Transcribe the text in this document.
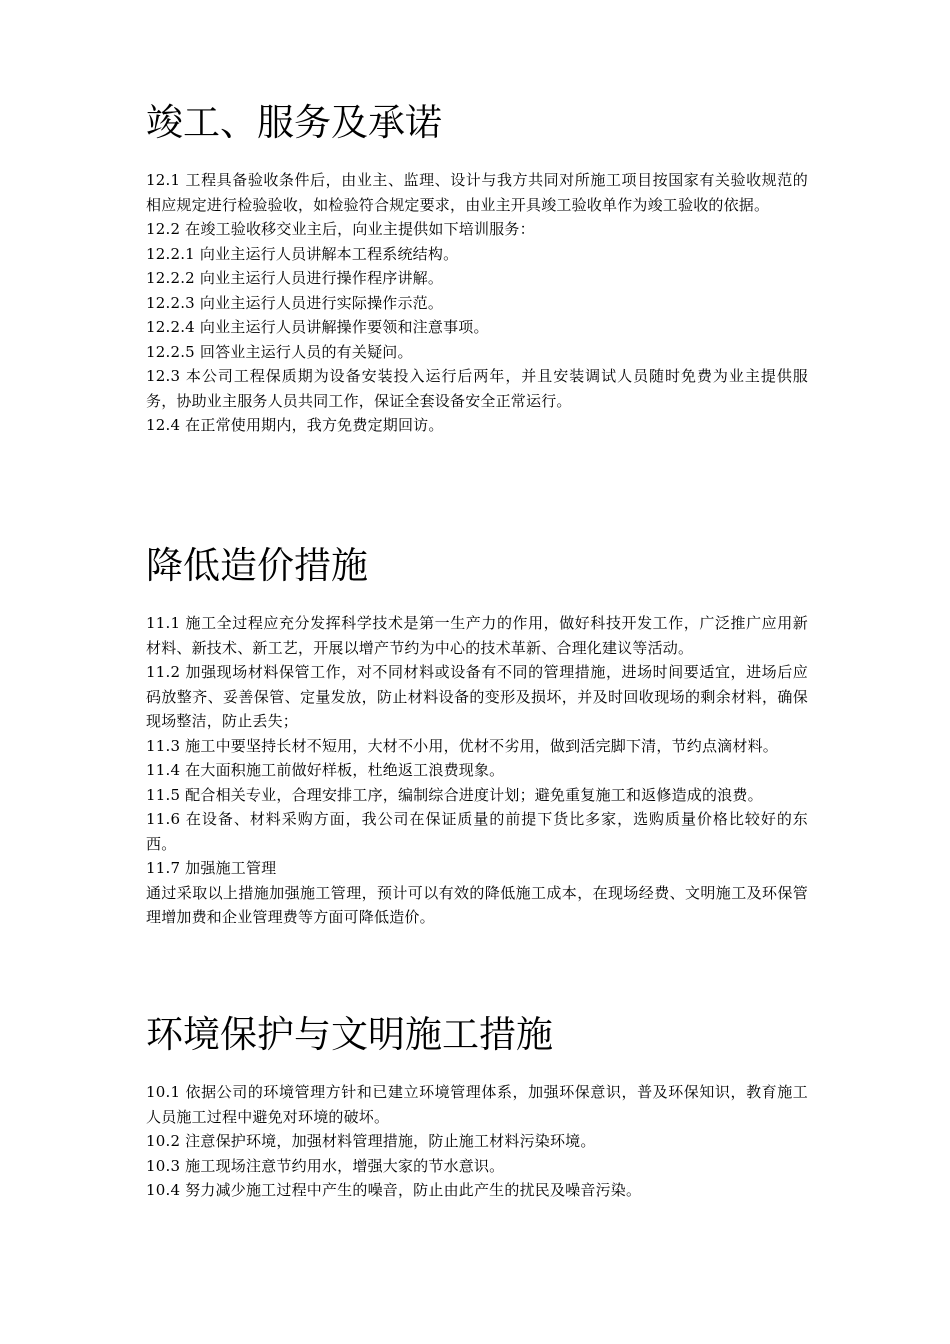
竣工、服务及承诺

12.1 工程具备验收条件后，由业主、监理、设计与我方共同对所施工项目按国家有关验收规范的相应规定进行检验验收，如检验符合规定要求，由业主开具竣工验收单作为竣工验收的依据。

12.2 在竣工验收移交业主后，向业主提供如下培训服务：

12.2.1 向业主运行人员讲解本工程系统结构。

12.2.2 向业主运行人员进行操作程序讲解。

12.2.3 向业主运行人员进行实际操作示范。

12.2.4 向业主运行人员讲解操作要领和注意事项。

12.2.5 回答业主运行人员的有关疑问。

12.3 本公司工程保质期为设备安装投入运行后两年，并且安装调试人员随时免费为业主提供服务，协助业主服务人员共同工作，保证全套设备安全正常运行。

12.4 在正常使用期内，我方免费定期回访。

降低造价措施

11.1 施工全过程应充分发挥科学技术是第一生产力的作用，做好科技开发工作，广泛推广应用新材料、新技术、新工艺，开展以增产节约为中心的技术革新、合理化建议等活动。

11.2 加强现场材料保管工作，对不同材料或设备有不同的管理措施，进场时间要适宜，进场后应码放整齐、妥善保管、定量发放，防止材料设备的变形及损坏，并及时回收现场的剩余材料，确保现场整洁，防止丢失；

11.3 施工中要坚持长材不短用，大材不小用，优材不劣用，做到活完脚下清，节约点滴材料。

11.4 在大面积施工前做好样板，杜绝返工浪费现象。

11.5 配合相关专业，合理安排工序，编制综合进度计划；避免重复施工和返修造成的浪费。

11.6 在设备、材料采购方面，我公司在保证质量的前提下货比多家，选购质量价格比较好的东西。

11.7 加强施工管理

通过采取以上措施加强施工管理，预计可以有效的降低施工成本，在现场经费、文明施工及环保管理增加费和企业管理费等方面可降低造价。

环境保护与文明施工措施

10.1 依据公司的环境管理方针和已建立环境管理体系，加强环保意识，普及环保知识，教育施工人员施工过程中避免对环境的破坏。

10.2 注意保护环境，加强材料管理措施，防止施工材料污染环境。

10.3 施工现场注意节约用水，增强大家的节水意识。

10.4 努力减少施工过程中产生的噪音，防止由此产生的扰民及噪音污染。
